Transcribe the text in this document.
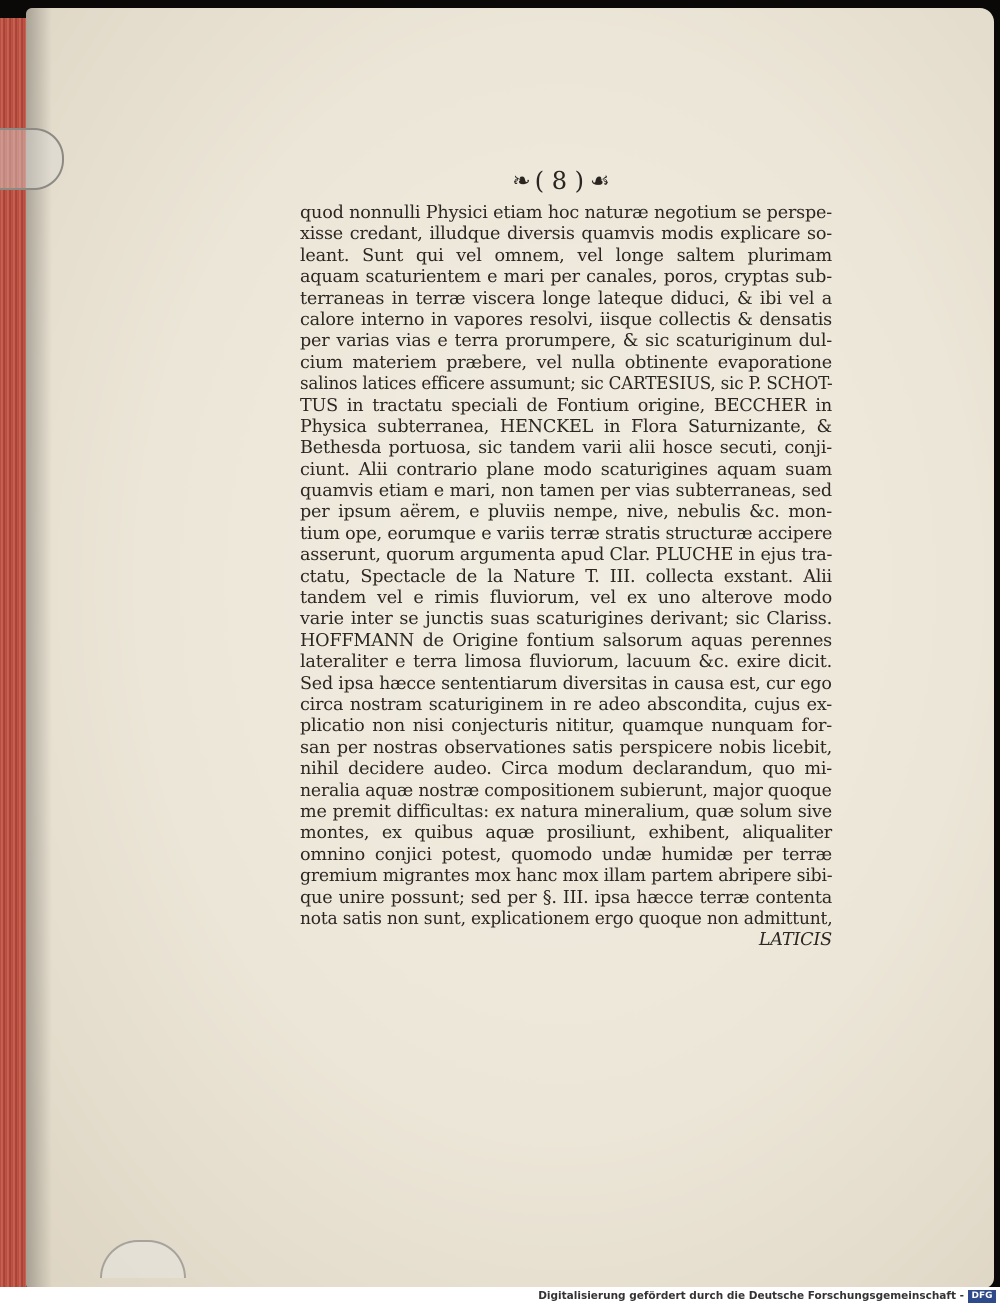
❧ ( 8 ) ☙
quod nonnulli Physici etiam hoc naturæ negotium se perspe-
xisse credant, illudque diversis quamvis modis explicare so-
leant. Sunt qui vel omnem, vel longe saltem plurimam
aquam scaturientem e mari per canales, poros, cryptas sub-
terraneas in terræ viscera longe lateque diduci, & ibi vel a
calore interno in vapores resolvi, iisque collectis & densatis
per varias vias e terra prorumpere, & sic scaturiginum dul-
cium materiem præbere, vel nulla obtinente evaporatione
salinos latices efficere assumunt; sic CARTESIUS, sic P. SCHOT-
TUS in tractatu speciali de Fontium origine, BECCHER in
Physica subterranea, HENCKEL in Flora Saturnizante, &
Bethesda portuosa, sic tandem varii alii hosce secuti, conji-
ciunt. Alii contrario plane modo scaturigines aquam suam
quamvis etiam e mari, non tamen per vias subterraneas, sed
per ipsum aërem, e pluviis nempe, nive, nebulis &c. mon-
tium ope, eorumque e variis terræ stratis structuræ accipere
asserunt, quorum argumenta apud Clar. PLUCHE in ejus tra-
ctatu, Spectacle de la Nature T. III. collecta exstant. Alii
tandem vel e rimis fluviorum, vel ex uno alterove modo
varie inter se junctis suas scaturigines derivant; sic Clariss.
HOFFMANN de Origine fontium salsorum aquas perennes
lateraliter e terra limosa fluviorum, lacuum &c. exire dicit.
Sed ipsa hæcce sententiarum diversitas in causa est, cur ego
circa nostram scaturiginem in re adeo abscondita, cujus ex-
plicatio non nisi conjecturis nititur, quamque nunquam for-
san per nostras observationes satis perspicere nobis licebit,
nihil decidere audeo. Circa modum declarandum, quo mi-
neralia aquæ nostræ compositionem subierunt, major quoque
me premit difficultas: ex natura mineralium, quæ solum sive
montes, ex quibus aquæ prosiliunt, exhibent, aliqualiter
omnino conjici potest, quomodo undæ humidæ per terræ
gremium migrantes mox hanc mox illam partem abripere sibi-
que unire possunt; sed per §. III. ipsa hæcce terræ contenta
nota satis non sunt, explicationem ergo quoque non admittunt,
LATICIS
Digitalisierung gefördert durch die Deutsche Forschungsgemeinschaft - DFG
